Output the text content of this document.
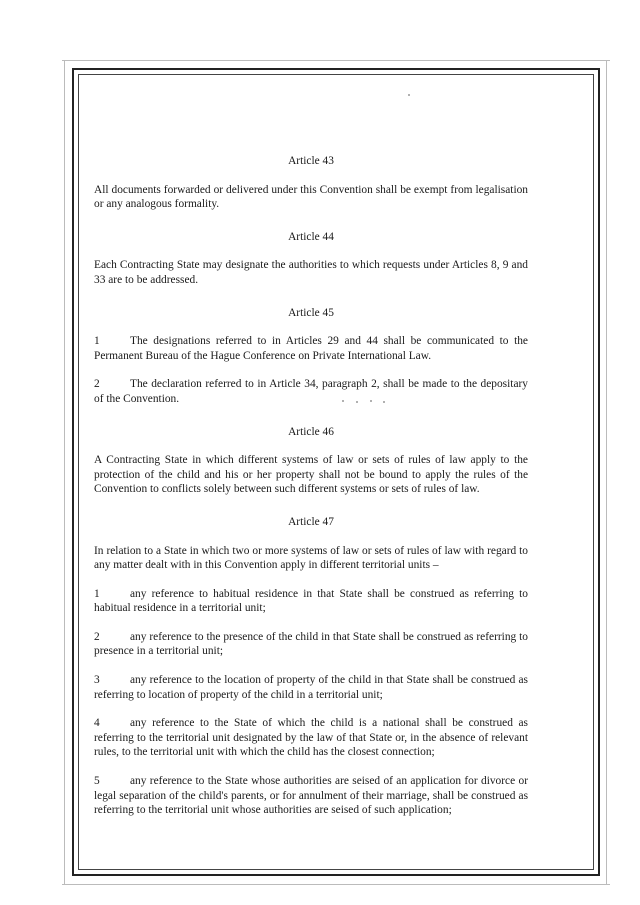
Article 43
All documents forwarded or delivered under this Convention shall be exempt from legalisation or any analogous formality.
Article 44
Each Contracting State may designate the authorities to which requests under Articles 8, 9 and 33 are to be addressed.
Article 45
1	The designations referred to in Articles 29 and 44 shall be communicated to the Permanent Bureau of the Hague Conference on Private International Law.
2	The declaration referred to in Article 34, paragraph 2, shall be made to the depositary of the Convention.
Article 46
A Contracting State in which different systems of law or sets of rules of law apply to the protection of the child and his or her property shall not be bound to apply the rules of the Convention to conflicts solely between such different systems or sets of rules of law.
Article 47
In relation to a State in which two or more systems of law or sets of rules of law with regard to any matter dealt with in this Convention apply in different territorial units –
1	any reference to habitual residence in that State shall be construed as referring to habitual residence in a territorial unit;
2	any reference to the presence of the child in that State shall be construed as referring to presence in a territorial unit;
3	any reference to the location of property of the child in that State shall be construed as referring to location of property of the child in a territorial unit;
4	any reference to the State of which the child is a national shall be construed as referring to the territorial unit designated by the law of that State or, in the absence of relevant rules, to the territorial unit with which the child has the closest connection;
5	any reference to the State whose authorities are seised of an application for divorce or legal separation of the child's parents, or for annulment of their marriage, shall be construed as referring to the territorial unit whose authorities are seised of such application;
